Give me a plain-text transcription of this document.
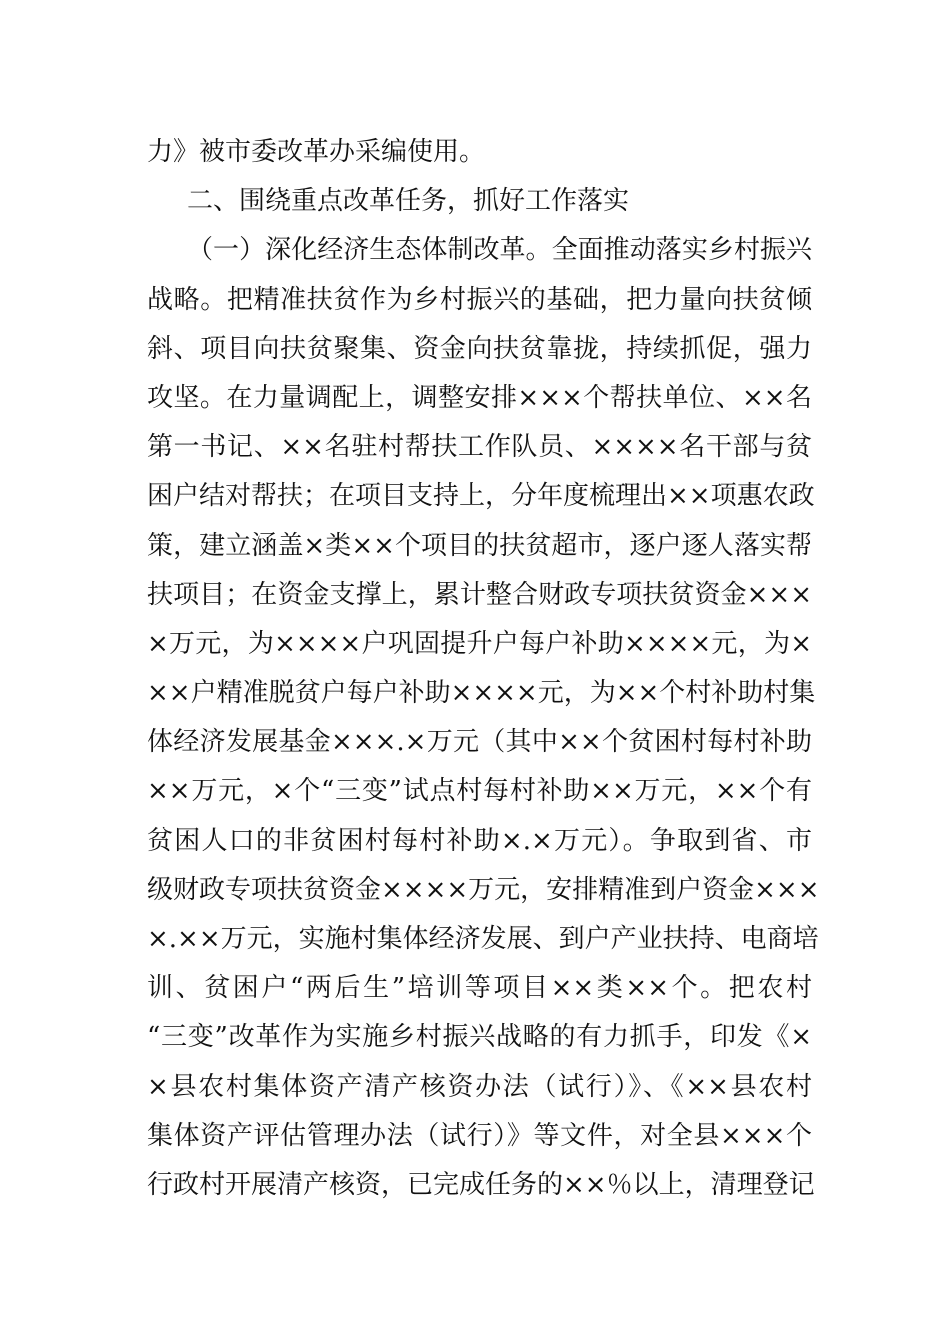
力》被市委改革办采编使用。
二、围绕重点改革任务，抓好工作落实
（一）深化经济生态体制改革。全面推动落实乡村振兴
战略。把精准扶贫作为乡村振兴的基础，把力量向扶贫倾
斜、项目向扶贫聚集、资金向扶贫靠拢，持续抓促，强力
攻坚。在力量调配上，调整安排×××个帮扶单位、××名
第一书记、××名驻村帮扶工作队员、××××名干部与贫
困户结对帮扶；在项目支持上，分年度梳理出××项惠农政
策，建立涵盖×类××个项目的扶贫超市，逐户逐人落实帮
扶项目；在资金支撑上，累计整合财政专项扶贫资金×××
×万元，为××××户巩固提升户每户补助××××元，为×
××户精准脱贫户每户补助××××元，为××个村补助村集
体经济发展基金×××.×万元（其中××个贫困村每村补助
××万元，×个“三变”试点村每村补助××万元，××个有
贫困人口的非贫困村每村补助×.×万元）。争取到省、市
级财政专项扶贫资金××××万元，安排精准到户资金×××
×.××万元，实施村集体经济发展、到户产业扶持、电商培
训、贫困户“两后生”培训等项目××类××个。把农村
“三变”改革作为实施乡村振兴战略的有力抓手，印发《×
×县农村集体资产清产核资办法（试行）》、《××县农村
集体资产评估管理办法（试行）》等文件，对全县×××个
行政村开展清产核资，已完成任务的××％以上，清理登记
